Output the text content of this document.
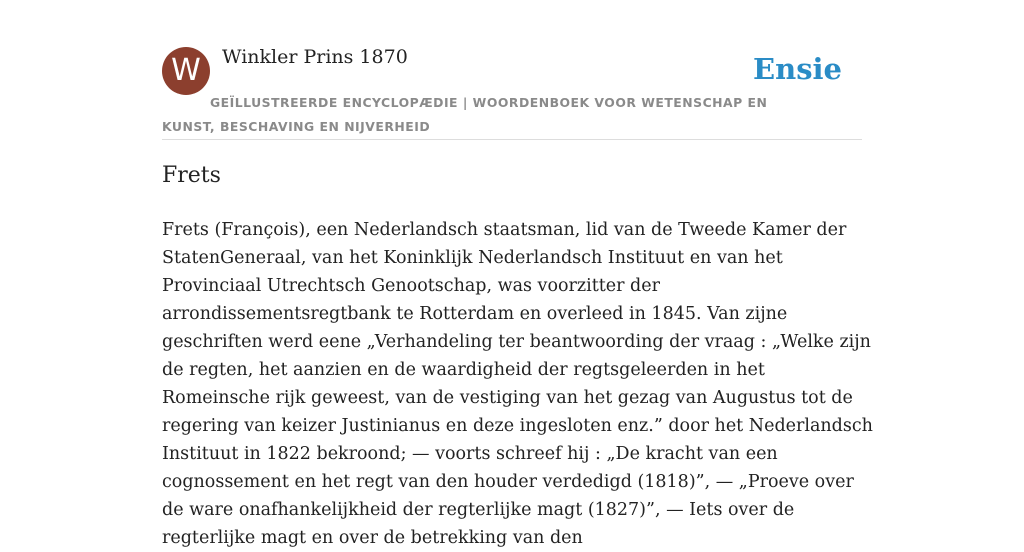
W	Winkler Prins 1870	Ensie
GEÏLLUSTREERDE ENCYCLOPÆDIE | WOORDENBOEK VOOR WETENSCHAP EN KUNST, BESCHAVING EN NIJVERHEID
Frets

Frets (François), een Nederlandsch staatsman, lid van de Tweede Kamer der StatenGeneraal, van het Koninklijk Nederlandsch Instituut en van het Provinciaal Utrechtsch Genootschap, was voorzitter der arrondissementsregtbank te Rotterdam en overleed in 1845. Van zijne geschriften werd eene „Verhandeling ter beantwoording der vraag : „Welke zijn de regten, het aanzien en de waardigheid der regtsgeleerden in het Romeinsche rijk geweest, van de vestiging van het gezag van Augustus tot de regering van keizer Justinianus en deze ingesloten enz.” door het Nederlandsch Instituut in 1822 bekroond; — voorts schreef hij : „De kracht van een cognossement en het regt van den houder verdedigd (1818)”, — „Proeve over de ware onafhankelijkheid der regterlijke magt (1827)”, — Iets over de regterlijke magt en over de betrekking van den
